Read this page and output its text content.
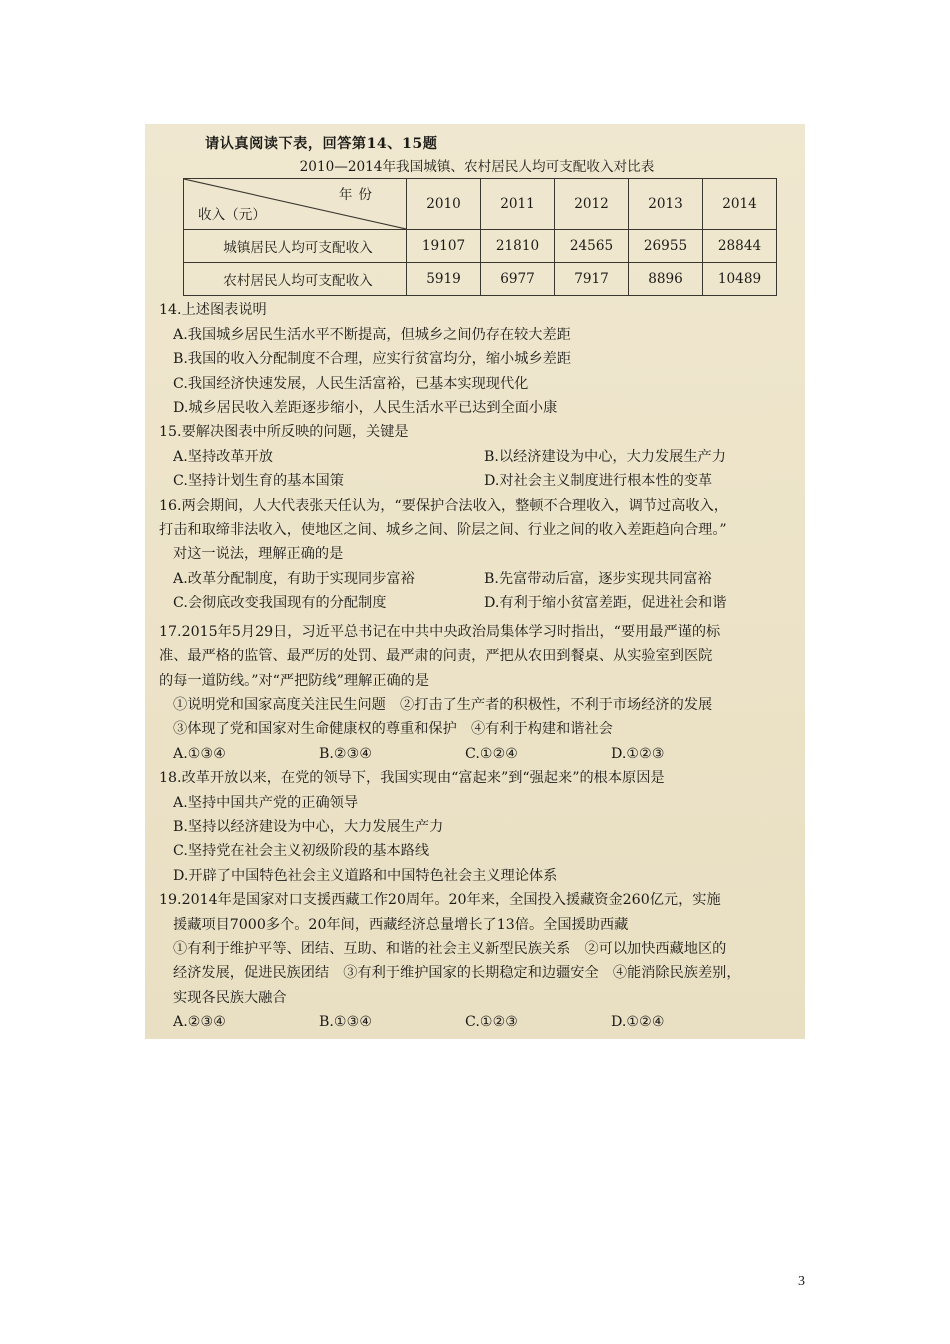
请认真阅读下表，回答第14、15题
2010—2014年我国城镇、农村居民人均可支配收入对比表
年份
收入（元）	2010	2011	2012	2013	2014
城镇居民人均可支配收入	19107	21810	24565	26955	28844
农村居民人均可支配收入	5919	6977	7917	8896	10489
14.上述图表说明
A.我国城乡居民生活水平不断提高，但城乡之间仍存在较大差距
B.我国的收入分配制度不合理，应实行贫富均分，缩小城乡差距
C.我国经济快速发展，人民生活富裕，已基本实现现代化
D.城乡居民收入差距逐步缩小，人民生活水平已达到全面小康
15.要解决图表中所反映的问题，关键是
A.坚持改革开放	B.以经济建设为中心，大力发展生产力
C.坚持计划生育的基本国策	D.对社会主义制度进行根本性的变革
16.两会期间，人大代表张天任认为，“要保护合法收入，整顿不合理收入，调节过高收入，
打击和取缔非法收入，使地区之间、城乡之间、阶层之间、行业之间的收入差距趋向合理。”
对这一说法，理解正确的是
A.改革分配制度，有助于实现同步富裕	B.先富带动后富，逐步实现共同富裕
C.会彻底改变我国现有的分配制度	D.有利于缩小贫富差距，促进社会和谐
17.2015年5月29日，习近平总书记在中共中央政治局集体学习时指出，“要用最严谨的标
准、最严格的监管、最严厉的处罚、最严肃的问责，严把从农田到餐桌、从实验室到医院
的每一道防线。”对“严把防线”理解正确的是
①说明党和国家高度关注民生问题　②打击了生产者的积极性，不利于市场经济的发展
③体现了党和国家对生命健康权的尊重和保护　④有利于构建和谐社会
A.①③④	B.②③④	C.①②④	D.①②③
18.改革开放以来，在党的领导下，我国实现由“富起来”到“强起来”的根本原因是
A.坚持中国共产党的正确领导
B.坚持以经济建设为中心，大力发展生产力
C.坚持党在社会主义初级阶段的基本路线
D.开辟了中国特色社会主义道路和中国特色社会主义理论体系
19.2014年是国家对口支援西藏工作20周年。20年来，全国投入援藏资金260亿元，实施
援藏项目7000多个。20年间，西藏经济总量增长了13倍。全国援助西藏
①有利于维护平等、团结、互助、和谐的社会主义新型民族关系　②可以加快西藏地区的
经济发展，促进民族团结　③有利于维护国家的长期稳定和边疆安全　④能消除民族差别，
实现各民族大融合
A.②③④	B.①③④	C.①②③	D.①②④
3
